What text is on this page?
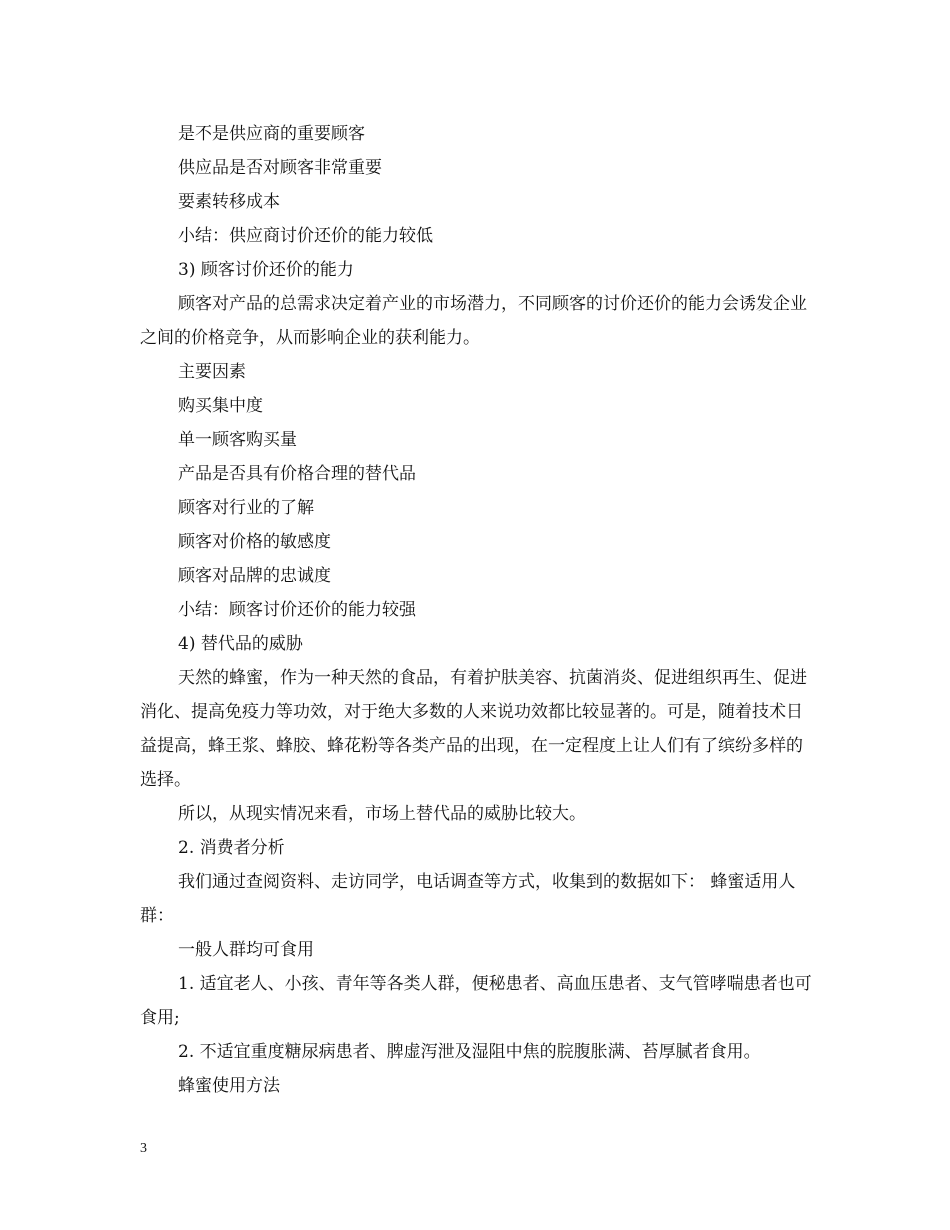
是不是供应商的重要顾客

供应品是否对顾客非常重要

要素转移成本

小结：供应商讨价还价的能力较低

3) 顾客讨价还价的能力

顾客对产品的总需求决定着产业的市场潜力，不同顾客的讨价还价的能力会诱发企业之间的价格竞争，从而影响企业的获利能力。

主要因素

购买集中度

单一顾客购买量

产品是否具有价格合理的替代品

顾客对行业的了解

顾客对价格的敏感度

顾客对品牌的忠诚度

小结：顾客讨价还价的能力较强

4) 替代品的威胁

天然的蜂蜜，作为一种天然的食品，有着护肤美容、抗菌消炎、促进组织再生、促进消化、提高免疫力等功效，对于绝大多数的人来说功效都比较显著的。可是，随着技术日益提高，蜂王浆、蜂胶、蜂花粉等各类产品的出现，在一定程度上让人们有了缤纷多样的选择。

所以，从现实情况来看，市场上替代品的威胁比较大。

2. 消费者分析

我们通过查阅资料、走访同学，电话调查等方式，收集到的数据如下： 蜂蜜适用人群：

一般人群均可食用

1. 适宜老人、小孩、青年等各类人群，便秘患者、高血压患者、支气管哮喘患者也可食用;

2. 不适宜重度糖尿病患者、脾虚泻泄及湿阻中焦的脘腹胀满、苔厚腻者食用。

蜂蜜使用方法

3
